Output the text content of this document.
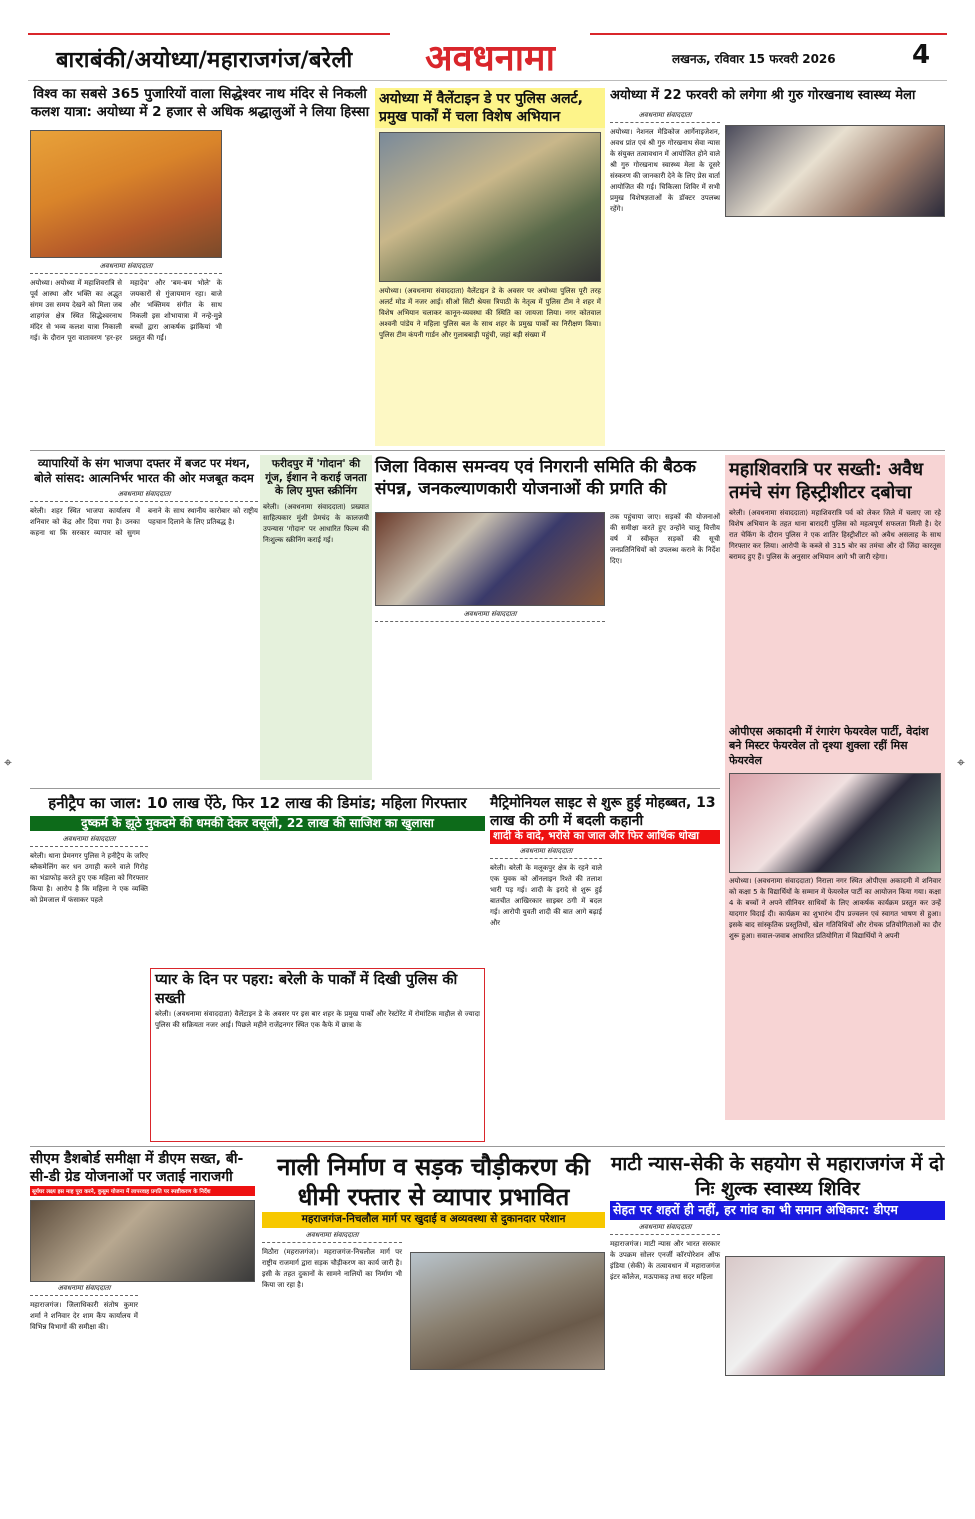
बाराबंकी/अयोध्या/महाराजगंज/बरेली अवधनामा	लखनऊ, रविवार 15 फरवरी 2026	4
विश्व का सबसे 365 पुजारियों वाला सिद्धेश्वर नाथ मंदिर से निकली कलश यात्रा: अयोध्या में 2 हजार से अधिक श्रद्धालुओं ने लिया हिस्सा
अवधनामा संवाददाता
अयोध्या। अयोध्या में महाशिवरात्रि से पूर्व आस्था और भक्ति का अद्भुत संगम उस समय देखने को मिला जब शाहगंज क्षेत्र स्थित सिद्धेश्वरनाथ मंदिर से भव्य कलश यात्रा निकाली गई। के दौरान पूरा वातावरण 'हर-हर महादेव' और 'बम-बम भोले' के जयकारों से गुंजायमान रहा। बाजे और भक्तिमय संगीत के साथ निकली इस शोभायात्रा में नन्हे-मुन्ने बच्चों द्वारा आकर्षक झांकियां भी प्रस्तुत की गईं।
अयोध्या में वैलेंटाइन डे पर पुलिस अलर्ट, प्रमुख पार्कों में चला विशेष अभियान
अयोध्या। (अवधनामा संवाददाता) वैलेंटाइन डे के अवसर पर अयोध्या पुलिस पूरी तरह अलर्ट मोड में नजर आई। सीओ सिटी श्रेयस त्रिपाठी के नेतृत्व में पुलिस टीम ने शहर में विशेष अभियान चलाकर कानून-व्यवस्था की स्थिति का जायजा लिया। नगर कोतवाल अश्वनी पांडेय ने महिला पुलिस बल के साथ शहर के प्रमुख पार्कों का निरीक्षण किया। पुलिस टीम कंपनी गार्डन और गुलाबबाड़ी पहुंची, जहां बड़ी संख्या में
अयोध्या में 22 फरवरी को लगेगा श्री गुरु गोरखनाथ स्वास्थ्य मेला
अवधनामा संवाददाता
अयोध्या। नेशनल मेडिकोज आर्गेनाइजेशन, अवध प्रांत एवं श्री गुरु गोरखनाथ सेवा न्यास के संयुक्त तत्वावधान में आयोजित होने वाले श्री गुरु गोरखनाथ स्वास्थ्य मेला के दूसरे संस्करण की जानकारी देने के लिए प्रेस वार्ता आयोजित की गई। चिकित्सा शिविर में सभी प्रमुख विशेषज्ञताओं के डॉक्टर उपलब्ध रहेंगे।
व्यापारियों के संग भाजपा दफ्तर में बजट पर मंथन, बोले सांसद: आत्मनिर्भर भारत की ओर मजबूत कदम
अवधनामा संवाददाता
बरेली। शहर स्थित भाजपा कार्यालय में शनिवार को केंद्र और दिया गया है। उनका कहना था कि सरकार व्यापार को सुगम बनाने के साथ स्थानीय कारोबार को राष्ट्रीय पहचान दिलाने के लिए प्रतिबद्ध है।
फरीदपुर में 'गोदान' की गूंज, ईशान ने कराई जनता के लिए मुफ्त स्क्रीनिंग
बरेली। (अवधनामा संवाददाता) प्रख्यात साहित्यकार मुंशी प्रेमचंद के कालजयी उपन्यास 'गोदान' पर आधारित फिल्म की निःशुल्क स्क्रीनिंग कराई गई।
जिला विकास समन्वय एवं निगरानी समिति की बैठक संपन्न, जनकल्याणकारी योजनाओं की प्रगति की
अवधनामा संवाददाता
तक पहुंचाया जाए। सड़कों की योजनाओं की समीक्षा करते हुए उन्होंने चालू वित्तीय वर्ष में स्वीकृत सड़कों की सूची जनप्रतिनिधियों को उपलब्ध कराने के निर्देश दिए।
महाशिवरात्रि पर सख्ती: अवैध तमंचे संग हिस्ट्रीशीटर दबोचा
बरेली। (अवधनामा संवाददाता) महाशिवरात्रि पर्व को लेकर जिले में चलाए जा रहे विशेष अभियान के तहत थाना बारादरी पुलिस को महत्वपूर्ण सफलता मिली है। देर रात चेकिंग के दौरान पुलिस ने एक शातिर हिस्ट्रीशीटर को अवैध असलाह के साथ गिरफ्तार कर लिया। आरोपी के कब्जे से 315 बोर का तमंचा और दो जिंदा कारतूस बरामद हुए हैं। पुलिस के अनुसार अभियान आगे भी जारी रहेगा।
ओपीएस अकादमी में रंगारंग फेयरवेल पार्टी, वेदांश बने मिस्टर फेयरवेल तो दृश्या शुक्ला रहीं मिस फेयरवेल
अयोध्या। (अवधनामा संवाददाता) निराला नगर स्थित ओपीएस अकादमी में शनिवार को कक्षा 5 के विद्यार्थियों के सम्मान में फेयरवेल पार्टी का आयोजन किया गया। कक्षा 4 के बच्चों ने अपने सीनियर साथियों के लिए आकर्षक कार्यक्रम प्रस्तुत कर उन्हें यादगार विदाई दी। कार्यक्रम का शुभारंभ दीप प्रज्वलन एवं स्वागत भाषण से हुआ। इसके बाद सांस्कृतिक प्रस्तुतियों, खेल गतिविधियों और रोचक प्रतियोगिताओं का दौर शुरू हुआ। सवाल-जवाब आधारित प्रतियोगिता में विद्यार्थियों ने अपनी
हनीट्रैप का जाल: 10 लाख ऐंठे, फिर 12 लाख की डिमांड; महिला गिरफ्तार
दुष्कर्म के झूठे मुकदमे की धमकी देकर वसूली, 22 लाख की साजिश का खुलासा
अवधनामा संवाददाता
बरेली। थाना प्रेमनगर पुलिस ने हनीट्रैप के जरिए ब्लैकमेलिंग कर धन उगाही करने वाले गिरोह का भंडाफोड़ करते हुए एक महिला को गिरफ्तार किया है। आरोप है कि महिला ने एक व्यक्ति को प्रेमजाल में फंसाकर पहले
प्यार के दिन पर पहरा: बरेली के पार्कों में दिखी पुलिस की सख्ती
बरेली। (अवधनामा संवाददाता) वैलेंटाइन डे के अवसर पर इस बार शहर के प्रमुख पार्कों और रेस्टोरेंट में रोमांटिक माहौल से ज्यादा पुलिस की सक्रियता नजर आई। पिछले महीने राजेंद्रनगर स्थित एक कैफे में छात्रा के
मैट्रिमोनियल साइट से शुरू हुई मोहब्बत, 13 लाख की ठगी में बदली कहानी
शादी के वादे, भरोसे का जाल और फिर आर्थिक धोखा
अवधनामा संवाददाता
बरेली। बरेली के मलूकपुर क्षेत्र के रहने वाले एक युवक को ऑनलाइन रिश्ते की तलाश भारी पड़ गई। शादी के इरादे से शुरू हुई बातचीत आखिरकार साइबर ठगी में बदल गई। आरोपी युवती शादी की बात आगे बढ़ाई और
सीएम डैशबोर्ड समीक्षा में डीएम सख्त, बी-सी-डी ग्रेड योजनाओं पर जताई नाराजगी
सूर्यघर लक्ष्य इस माह पूरा करने, कुसुम योजना में लापरवाह प्रगति पर स्पष्टीकरण के निर्देश
अवधनामा संवाददाता
महाराजगंज। जिलाधिकारी संतोष कुमार शर्मा ने शनिवार देर शाम कैंप कार्यालय में विभिन्न विभागों की समीक्षा की।
नाली निर्माण व सड़क चौड़ीकरण की धीमी रफ्तार से व्यापार प्रभावित
महराजगंज-निचलौल मार्ग पर खुदाई व अव्यवस्था से दुकानदार परेशान
अवधनामा संवाददाता
मिठौरा (महराजगंज)। महराजगंज-निचलौल मार्ग पर राष्ट्रीय राजमार्ग द्वारा सड़क चौड़ीकरण का कार्य जारी है। इसी के तहत दुकानों के सामने नालियों का निर्माण भी किया जा रहा है।
माटी न्यास-सेकी के सहयोग से महाराजगंज में दो निः शुल्क स्वास्थ्य शिविर
सेहत पर शहरों ही नहीं, हर गांव का भी समान अधिकार: डीएम
अवधनामा संवाददाता
महाराजगंज। माटी न्यास और भारत सरकार के उपक्रम सोलर एनर्जी कॉरपोरेशन ऑफ इंडिया (सेकी) के तत्वावधान में महाराजगंज इंटर कॉलेज, मऊपाकड़ तथा सदर महिला
⌖	⌖
